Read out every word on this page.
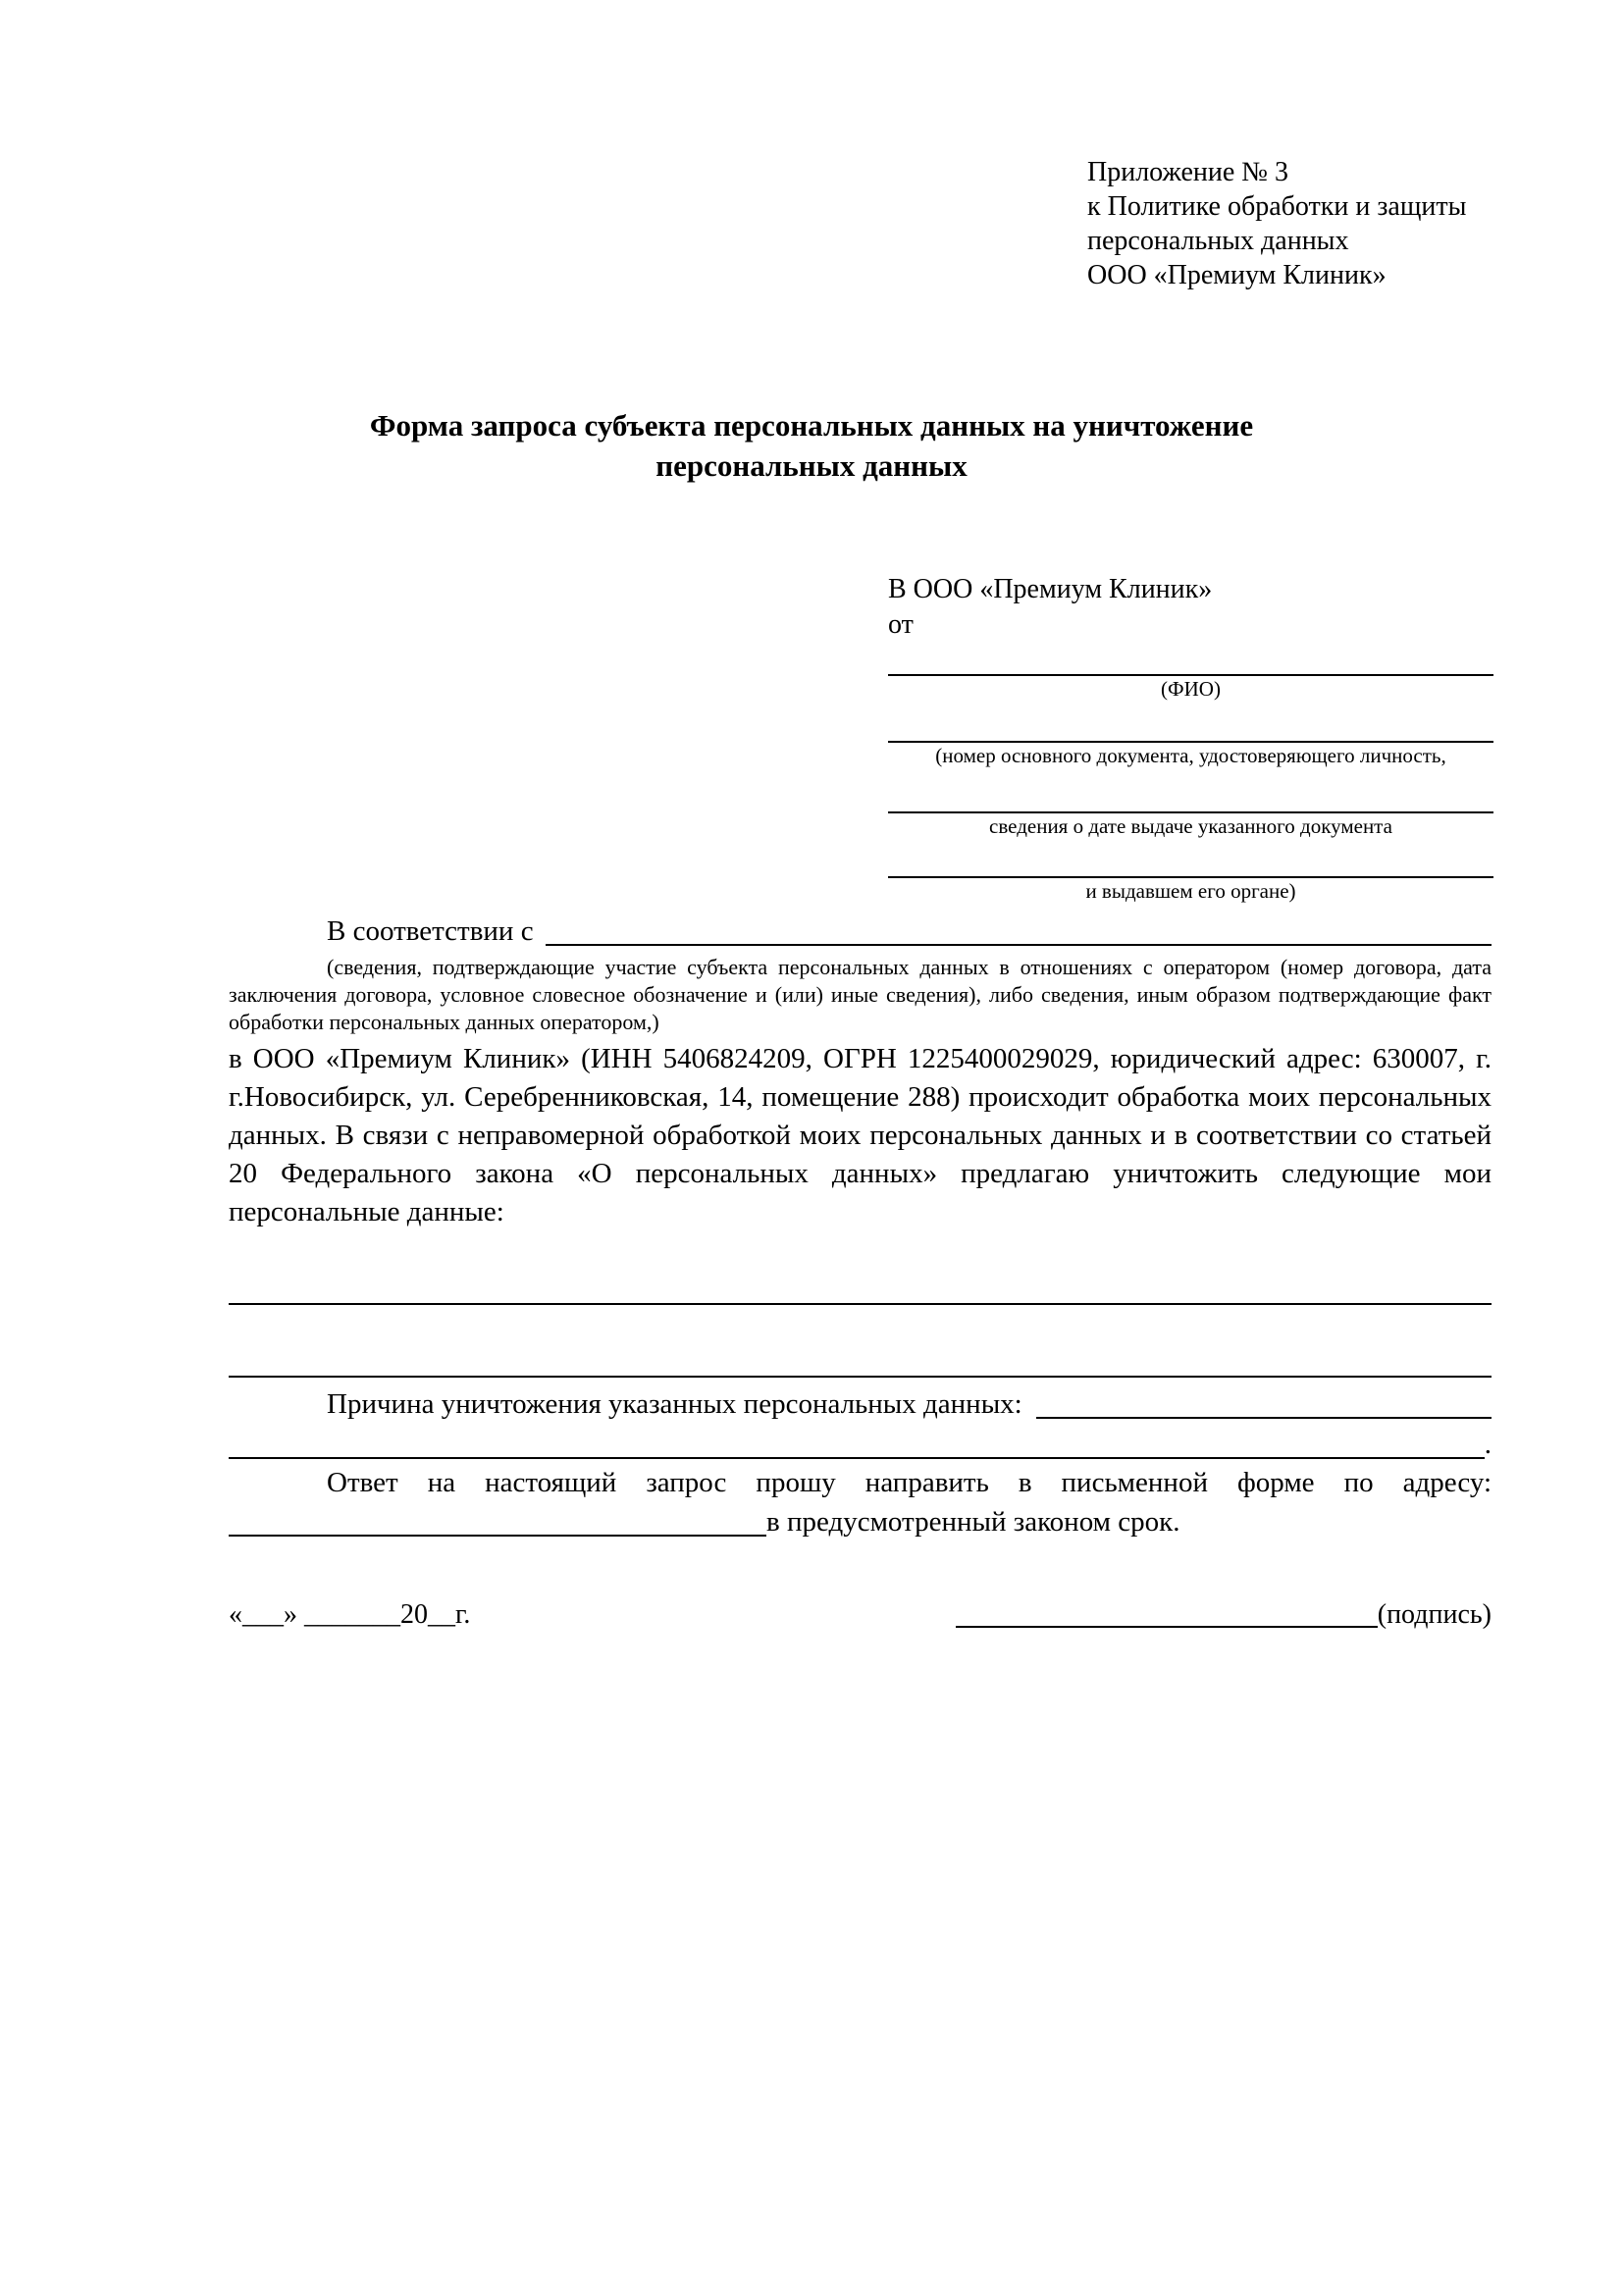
Приложение № 3
к Политике обработки и защиты
персональных данных
ООО «Премиум Клиник»
Форма запроса субъекта персональных данных на уничтожение
персональных данных
В ООО «Премиум Клиник»
от
(ФИО)
(номер основного документа, удостоверяющего личность,
сведения о дате выдаче указанного документа
и выдавшем его органе)
В соответствии с
(сведения, подтверждающие участие субъекта персональных данных в отношениях с оператором (номер договора, дата заключения договора, условное словесное обозначение и (или) иные сведения), либо сведения, иным образом подтверждающие факт обработки персональных данных оператором,)
в ООО «Премиум Клиник» (ИНН 5406824209, ОГРН 1225400029029, юридический адрес: 630007, г. г.Новосибирск, ул. Серебренниковская, 14, помещение 288) происходит обработка моих персональных данных. В связи с неправомерной обработкой моих персональных данных и в соответствии со статьей 20 Федерального закона «О персональных данных» предлагаю уничтожить следующие мои персональные данные:
Причина уничтожения указанных персональных данных:
.
Ответ на настоящий запрос прошу направить в письменной форме по адресу:
в предусмотренный законом срок.
«___» _______20__г.	(подпись)
